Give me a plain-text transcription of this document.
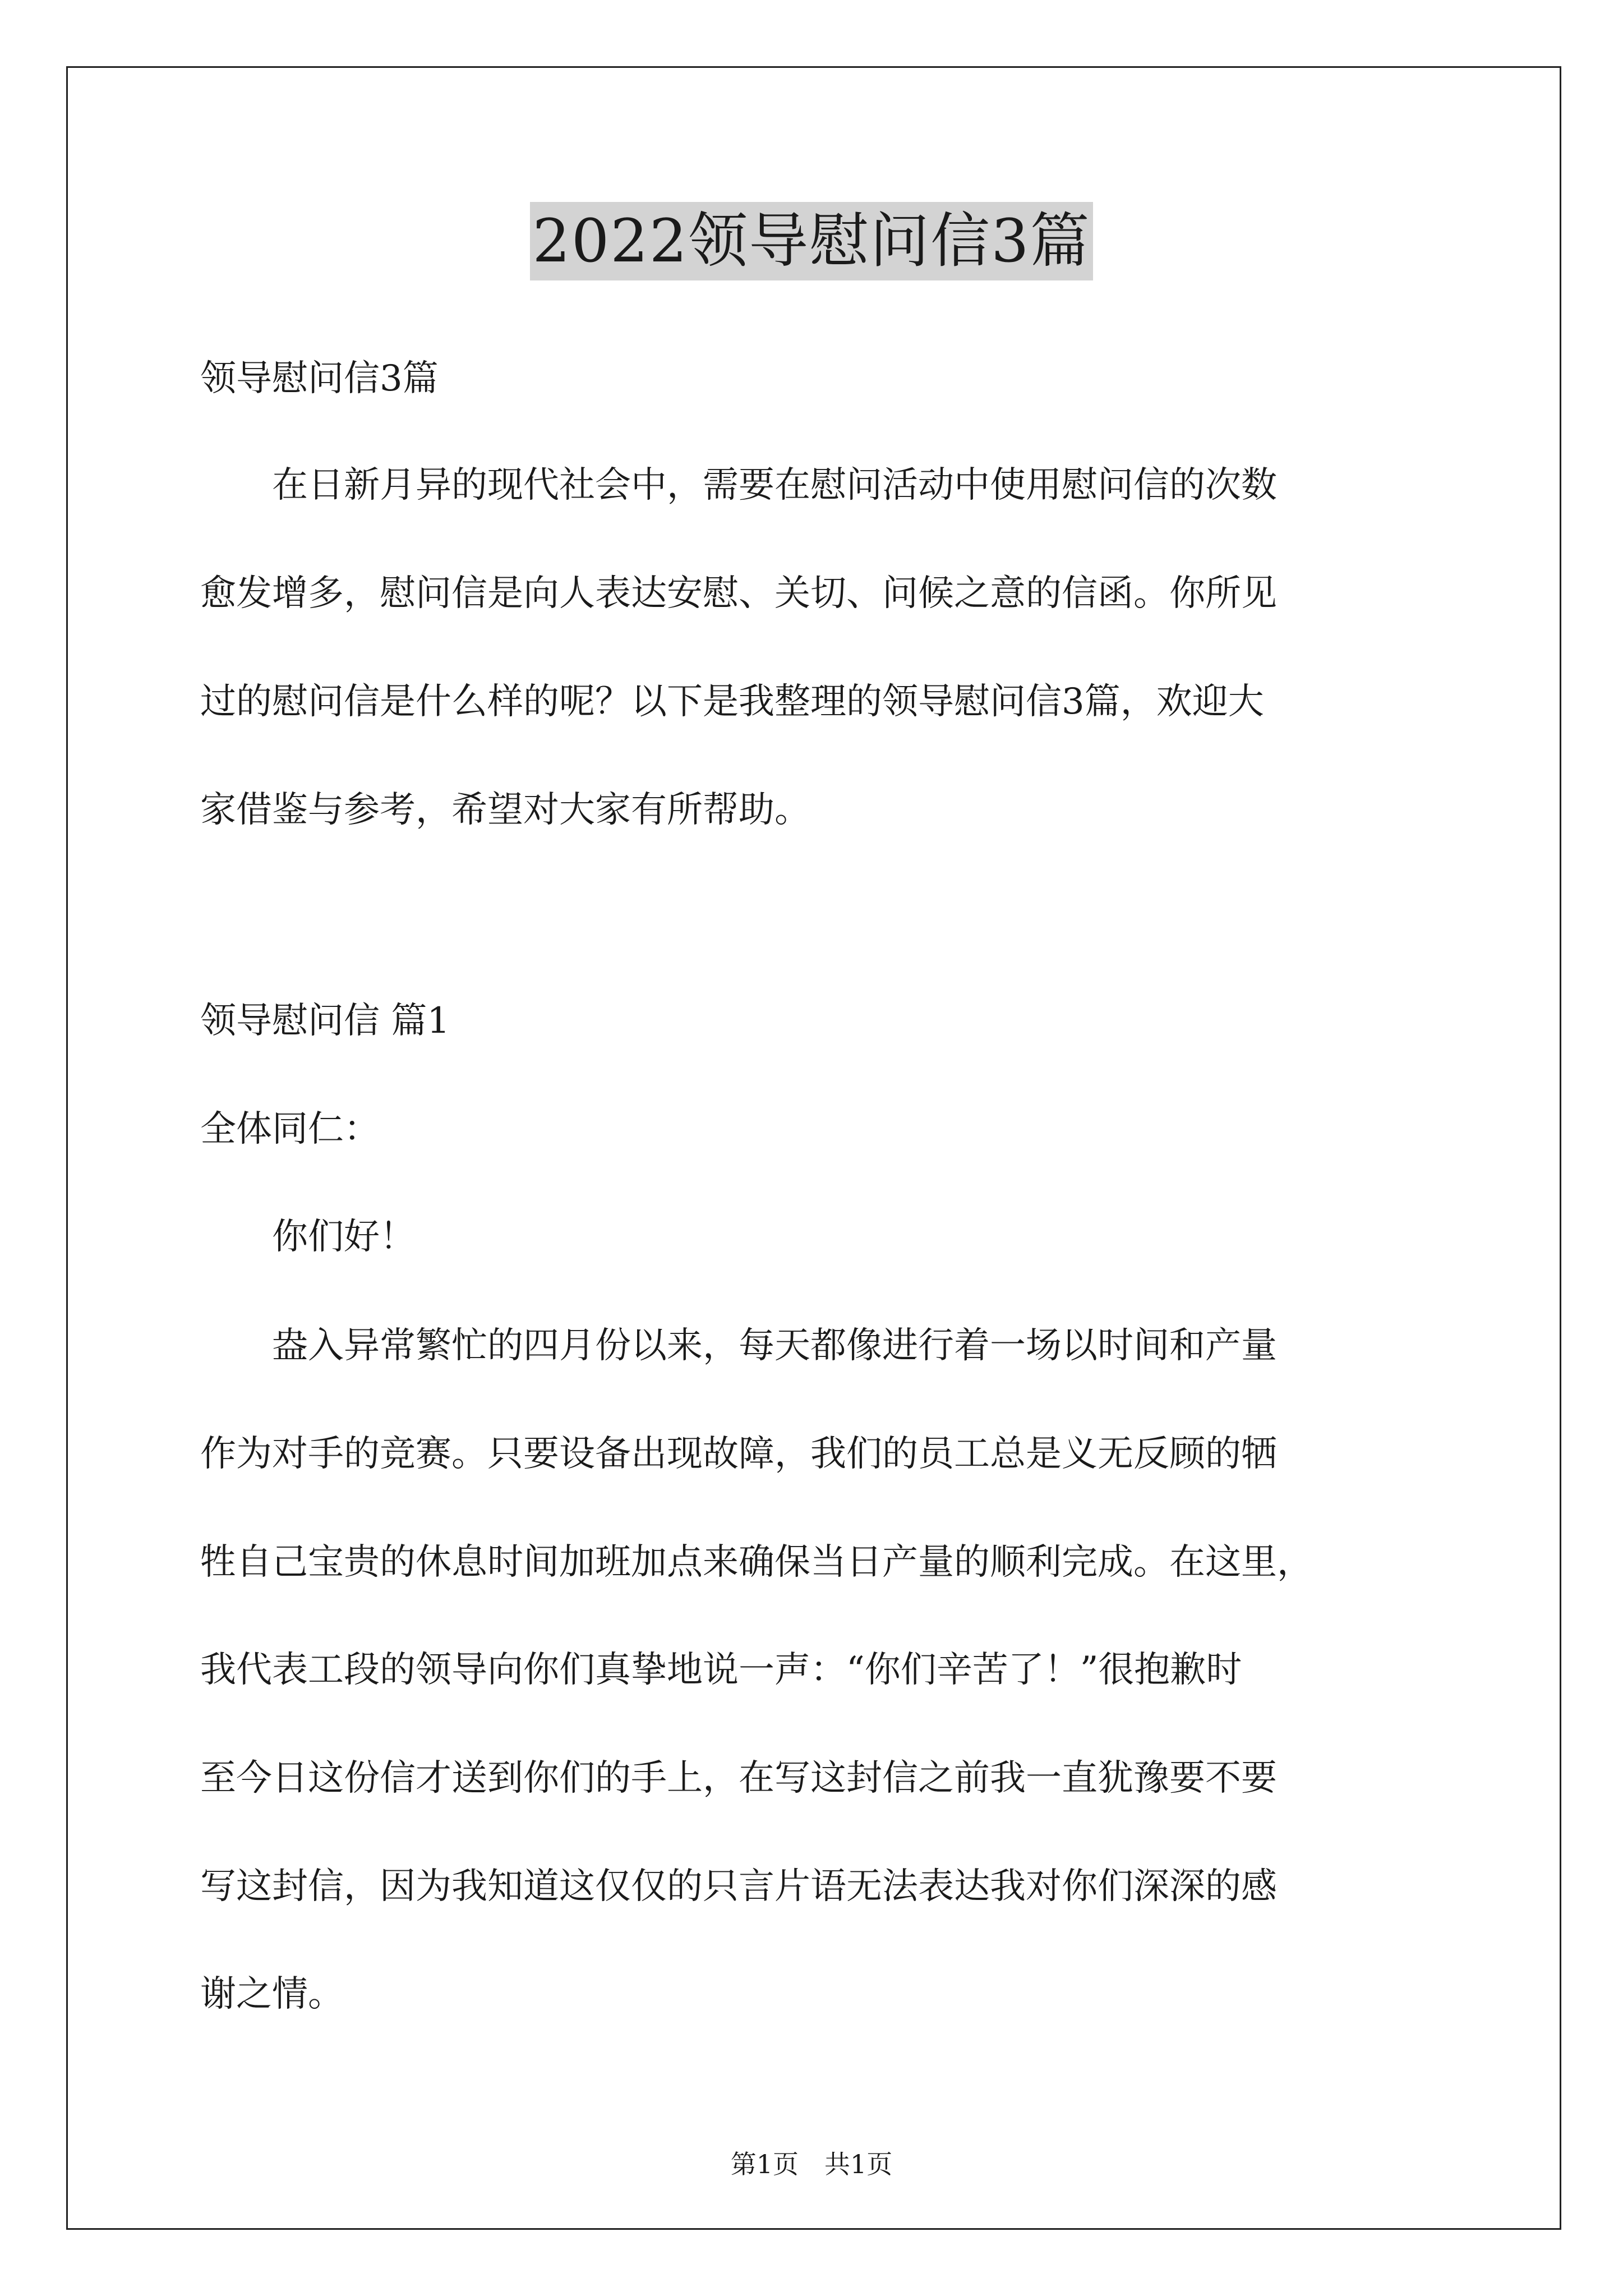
2022领导慰问信3篇
领导慰问信3篇
　　在日新月异的现代社会中，需要在慰问活动中使用慰问信的次数
愈发增多，慰问信是向人表达安慰、关切、问候之意的信函。你所见
过的慰问信是什么样的呢？以下是我整理的领导慰问信3篇，欢迎大
家借鉴与参考，希望对大家有所帮助。
领导慰问信 篇1
全体同仁：
　　你们好！
　　盎入异常繁忙的四月份以来，每天都像进行着一场以时间和产量
作为对手的竞赛。只要设备出现故障，我们的员工总是义无反顾的牺
牲自己宝贵的休息时间加班加点来确保当日产量的顺利完成。在这里，
我代表工段的领导向你们真挚地说一声：“你们辛苦了！”很抱歉时
至今日这份信才送到你们的手上，在写这封信之前我一直犹豫要不要
写这封信，因为我知道这仅仅的只言片语无法表达我对你们深深的感
谢之情。
第1页　共1页
